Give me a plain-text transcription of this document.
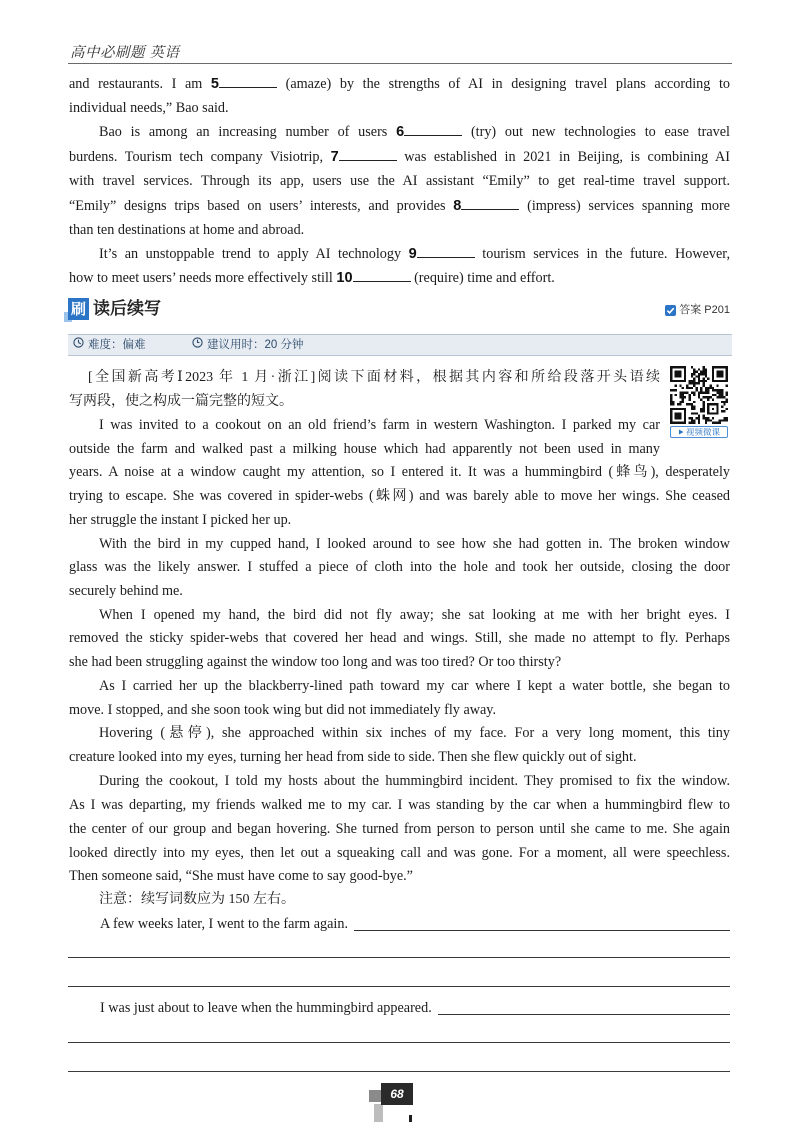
高中必刷题 英语
and restaurants. I am 5	(amaze) by the strengths of AI in designing travel plans according to
individual needs,” Bao said.
Bao is among an increasing number of users 6	(try) out new technologies to ease travel
burdens. Tourism tech company Visiotrip, 7	was established in 2021 in Beijing, is combining AI
with travel services. Through its app, users use the AI assistant “Emily” to get real-time travel support.
“Emily” designs trips based on users’ interests, and provides 8	(impress) services spanning more
than ten destinations at home and abroad.
It’s an unstoppable trend to apply AI technology 9	tourism services in the future. However,
how to meet users’ needs more effectively still 10	(require) time and effort.
刷 读后续写	答案 P201
难度：偏难	建议用时：20 分钟
[全国新高考Ⅰ2023 年 1 月·浙江]阅读下面材料，根据其内容和所给段落开头语续
写两段，使之构成一篇完整的短文。
视频微课
I was invited to a cookout on an old friend’s farm in western Washington. I parked my car
outside the farm and walked past a milking house which had apparently not been used in many
years. A noise at a window caught my attention, so I entered it. It was a hummingbird (蜂鸟), desperately
trying to escape. She was covered in spider-webs (蛛网) and was barely able to move her wings. She ceased
her struggle the instant I picked her up.
With the bird in my cupped hand, I looked around to see how she had gotten in. The broken window
glass was the likely answer. I stuffed a piece of cloth into the hole and took her outside, closing the door
securely behind me.
When I opened my hand, the bird did not fly away; she sat looking at me with her bright eyes. I
removed the sticky spider-webs that covered her head and wings. Still, she made no attempt to fly. Perhaps
she had been struggling against the window too long and was too tired? Or too thirsty?
As I carried her up the blackberry-lined path toward my car where I kept a water bottle, she began to
move. I stopped, and she soon took wing but did not immediately fly away.
Hovering (悬停), she approached within six inches of my face. For a very long moment, this tiny
creature looked into my eyes, turning her head from side to side. Then she flew quickly out of sight.
During the cookout, I told my hosts about the hummingbird incident. They promised to fix the window.
As I was departing, my friends walked me to my car. I was standing by the car when a hummingbird flew to
the center of our group and began hovering. She turned from person to person until she came to me. She again
looked directly into my eyes, then let out a squeaking call and was gone. For a moment, all were speechless.
Then someone said, “She must have come to say good-bye.”
注意：续写词数应为 150 左右。
A few weeks later, I went to the farm again.
I was just about to leave when the hummingbird appeared.
68
